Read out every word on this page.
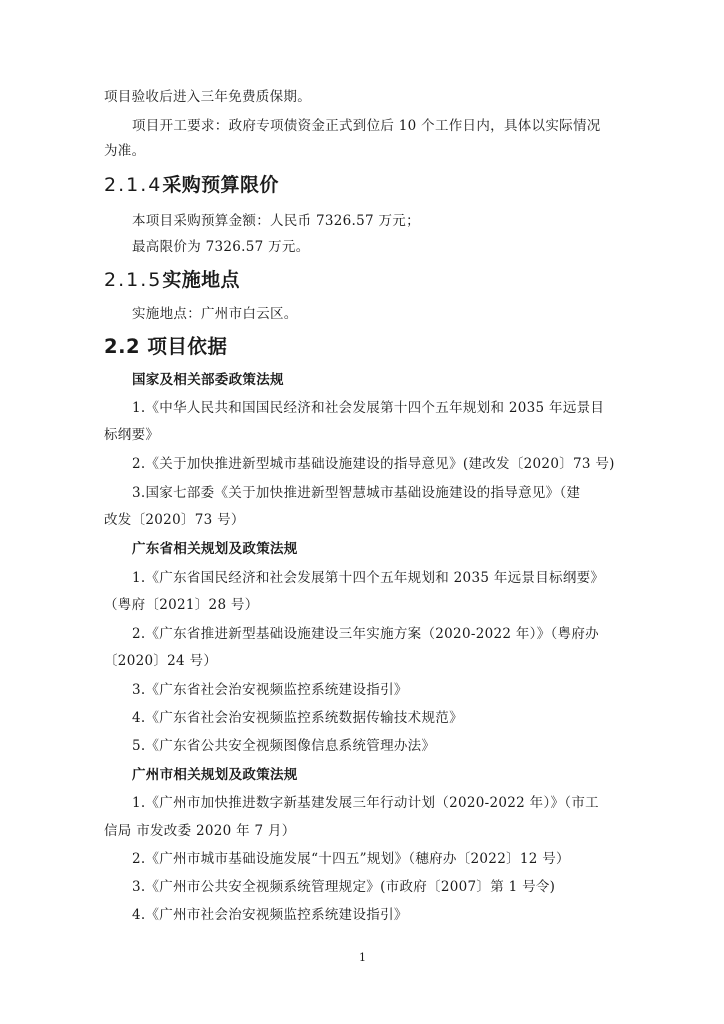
项目验收后进入三年免费质保期。
项目开工要求：政府专项债资金正式到位后 10 个工作日内，具体以实际情况
为准。
2.1.4采购预算限价
本项目采购预算金额：人民币 7326.57 万元；
最高限价为 7326.57 万元。
2.1.5实施地点
实施地点：广州市白云区。
2.2 项目依据
国家及相关部委政策法规
1.《中华人民共和国国民经济和社会发展第十四个五年规划和 2035 年远景目
标纲要》
2.《关于加快推进新型城市基础设施建设的指导意见》(建改发〔2020〕73 号)
3.国家七部委《关于加快推进新型智慧城市基础设施建设的指导意见》（建
改发〔2020〕73 号）
广东省相关规划及政策法规
1.《广东省国民经济和社会发展第十四个五年规划和 2035 年远景目标纲要》
（粤府〔2021〕28 号）
2.《广东省推进新型基础设施建设三年实施方案（2020-2022 年）》（粤府办
〔2020〕24 号）
3.《广东省社会治安视频监控系统建设指引》
4.《广东省社会治安视频监控系统数据传输技术规范》
5.《广东省公共安全视频图像信息系统管理办法》
广州市相关规划及政策法规
1.《广州市加快推进数字新基建发展三年行动计划（2020-2022 年）》（市工
信局 市发改委 2020 年 7 月）
2.《广州市城市基础设施发展“十四五”规划》（穗府办〔2022〕12 号）
3.《广州市公共安全视频系统管理规定》(市政府〔2007〕第 1 号令)
4.《广州市社会治安视频监控系统建设指引》
1
